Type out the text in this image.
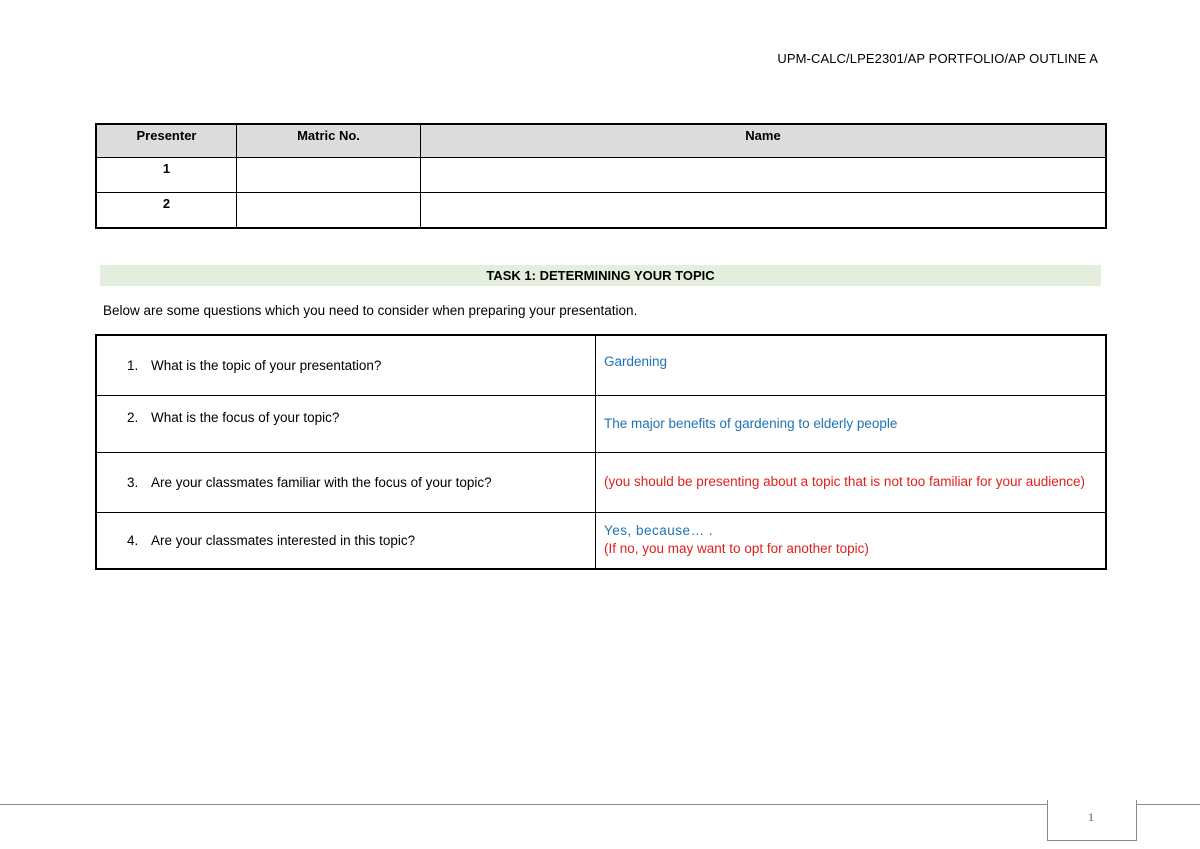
UPM-CALC/LPE2301/AP PORTFOLIO/AP OUTLINE A
Presenter	Matric No.	Name
1		
2		
TASK 1: DETERMINING YOUR TOPIC
Below are some questions which you need to consider when preparing your presentation.
1. What is the topic of your presentation?	Gardening

2. What is the focus of your topic?	The major benefits of gardening to elderly people

3. Are your classmates familiar with the focus of your topic?	(you should be presenting about a topic that is not too familiar for your audience)

4. Are your classmates interested in this topic?	Yes, because… .
(If no, you may want to opt for another topic)
1
